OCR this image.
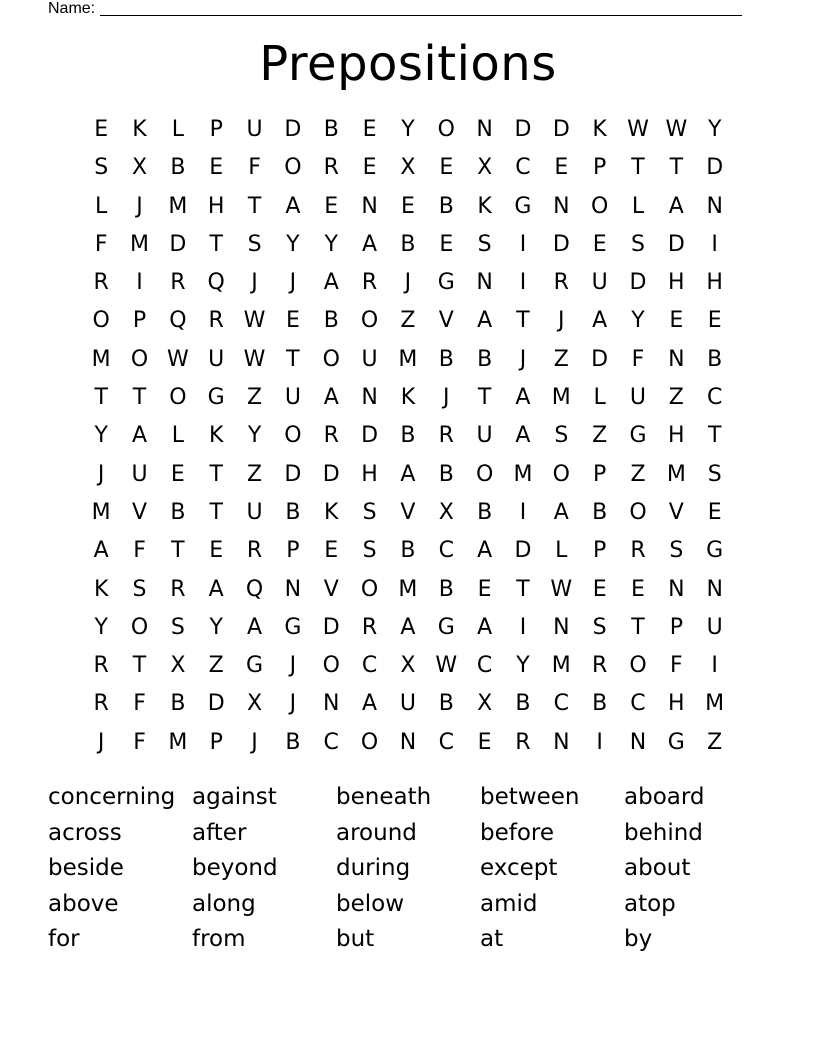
Name:
Prepositions
E	K	L	P	U D	B	E	Y	O N D D	K W W Y
S	X	B	E	F	O	R	E	X	E	X	C	E	P	T	T	D
L	J	M H	T	A	E	N	E	B	K	G N O	L	A	N
F	M D	T	S	Y	Y	A	B	E	S	I	D	E	S	D	I
R	I	R	Q	J	J	A	R	J	G N	I	R	U D H H
O	P	Q	R W E	B	O	Z	V	A	T	J	A	Y	E	E
M O W U W T	O U M B	B	J	Z	D	F	N	B
T	T	O G	Z	U	A	N	K	J	T	A M	L	U	Z	C
Y	A	L	K	Y	O	R	D	B	R	U	A	S	Z	G H	T
J	U	E	T	Z	D D H	A	B	O M O	P	Z M S
M V	B	T	U	B	K	S	V	X	B	I	A	B	O	V	E
A	F	T	E	R	P	E	S	B	C	A	D	L	P	R	S	G
K	S	R	A	Q N	V	O M B	E	T W E	E	N N
Y	O	S	Y	A	G D	R	A	G	A	I	N	S	T	P	U
R	T	X	Z	G	J	O	C	X W C	Y	M R	O	F	I
R	F	B	D	X	J	N	A	U	B	X	B	C	B	C	H M
J	F	M	P	J	B	C O N	C	E	R	N	I	N G	Z
concerning against	beneath	between	aboard
across	after	around	before	behind
beside	beyond	during	except	about
above	along	below	amid	atop
for	from	but	at	by
